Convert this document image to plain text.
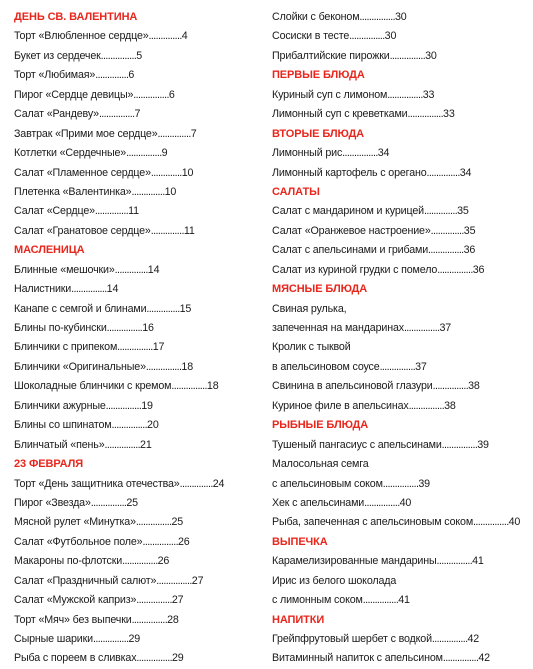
ДЕНЬ СВ. ВАЛЕНТИНА
Торт «Влюбленное сердце»..............4
Букет из сердечек...............5
Торт «Любимая»..............6
Пирог «Сердце девицы»...............6
Салат «Рандеву»...............7
Завтрак «Прими мое сердце»..............7
Котлетки «Сердечные»...............9
Салат «Пламенное сердце».............10
Плетенка «Валентинка»..............10
Салат «Сердце»..............11
Салат «Гранатовое сердце»..............11
МАСЛЕНИЦА
Блинные «мешочки»..............14
Налистники...............14
Канапе с семгой и блинами..............15
Блины по-кубински...............16
Блинчики с припеком...............17
Блинчики «Оригинальные»...............18
Шоколадные блинчики с кремом...............18
Блинчики ажурные...............19
Блины со шпинатом...............20
Блинчатый «пень»...............21
23 ФЕВРАЛЯ
Торт «День защитника отечества»..............24
Пирог «Звезда»...............25
Мясной рулет «Минутка»...............25
Салат «Футбольное поле»...............26
Макароны по-флотски...............26
Салат «Праздничный салют»...............27
Салат «Мужской каприз»...............27
Торт «Мяч» без выпечки...............28
Сырные шарики...............29
Рыба с пореем в сливках...............29
Слойки с беконом...............30
Сосиски в тесте...............30
Прибалтийские пирожки...............30
ПЕРВЫЕ БЛЮДА
Куриный суп с лимоном...............33
Лимонный суп с креветками...............33
ВТОРЫЕ БЛЮДА
Лимонный рис...............34
Лимонный картофель с орегано..............34
САЛАТЫ
Салат с мандарином и курицей..............35
Салат «Оранжевое настроение»..............35
Салат с апельсинами и грибами...............36
Салат из куриной грудки с помело...............36
МЯСНЫЕ БЛЮДА
Свиная рулька,
запеченная на мандаринах...............37
Кролик с тыквой
в апельсиновом соусе...............37
Свинина в апельсиновой глазури...............38
Куриное филе в апельсинах...............38
РЫБНЫЕ БЛЮДА
Тушеный пангасиус с апельсинами...............39
Малосольная семга
с апельсиновым соком...............39
Хек с апельсинами...............40
Рыба, запеченная с апельсиновым соком...............40
ВЫПЕЧКА
Карамелизированные мандарины...............41
Ирис из белого шоколада
с лимонным соком...............41
НАПИТКИ
Грейпфрутовый шербет с водкой...............42
Витаминный напиток с апельсином...............42
